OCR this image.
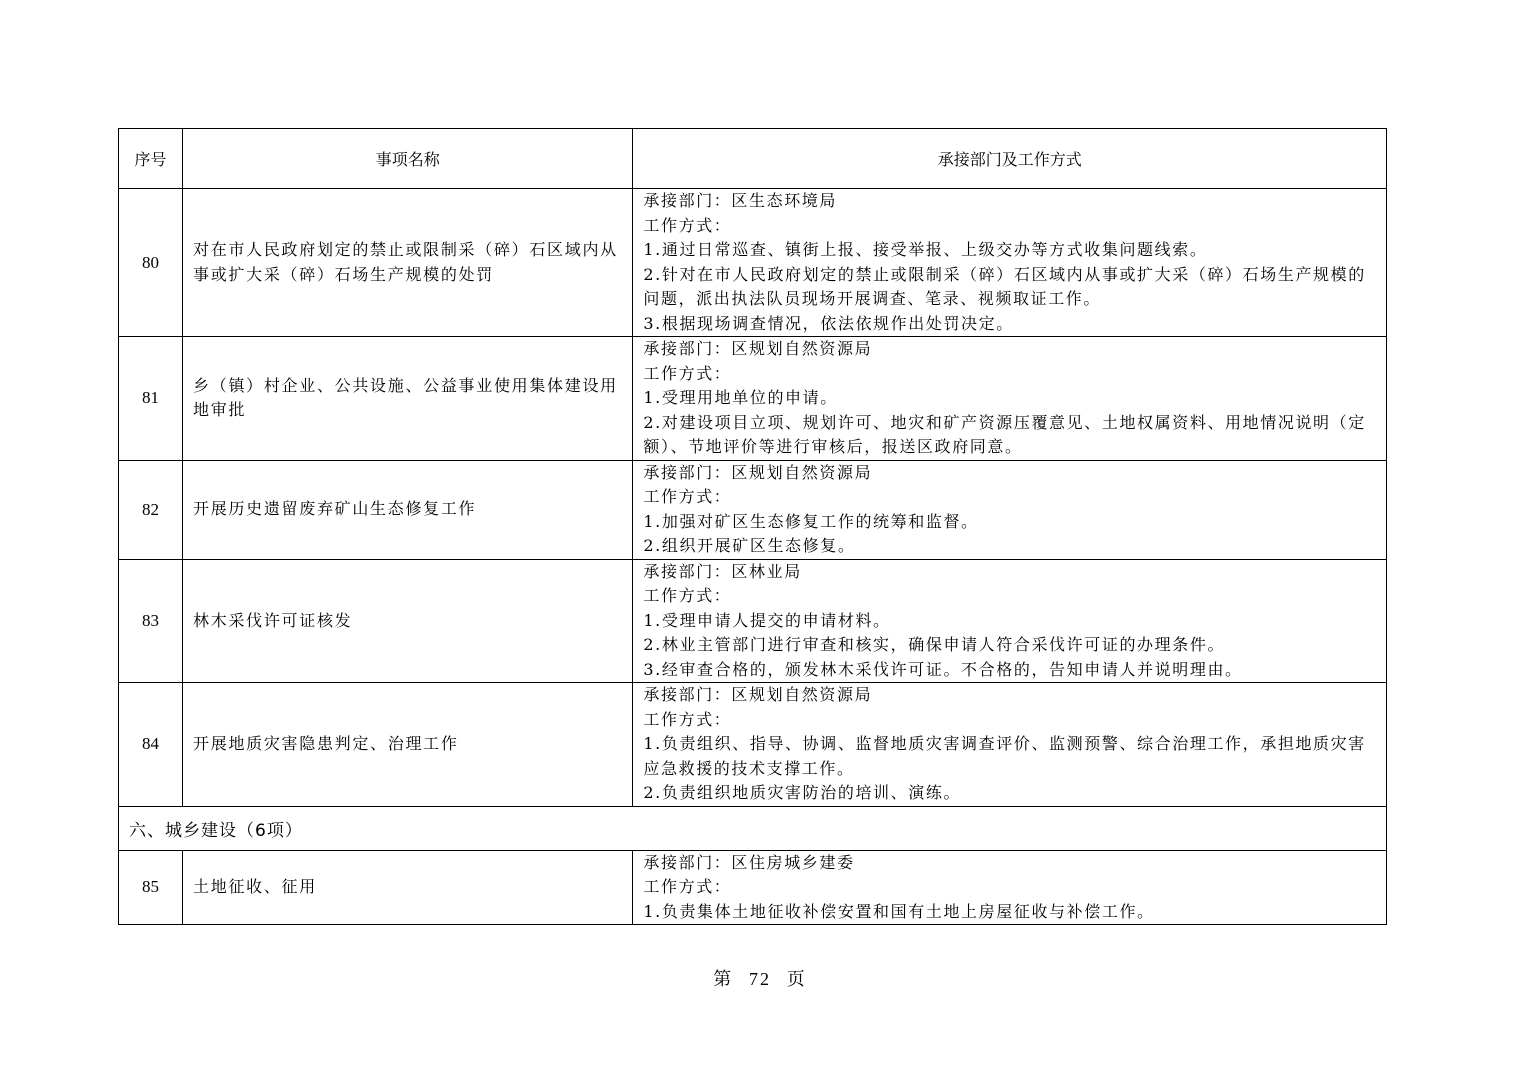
序号	事项名称	承接部门及工作方式
80	对在市人民政府划定的禁止或限制采（碎）石区域内从事或扩大采（碎）石场生产规模的处罚	承接部门：区生态环境局
工作方式：
1.通过日常巡查、镇街上报、接受举报、上级交办等方式收集问题线索。
2.针对在市人民政府划定的禁止或限制采（碎）石区域内从事或扩大采（碎）石场生产规模的问题，派出执法队员现场开展调查、笔录、视频取证工作。
3.根据现场调查情况，依法依规作出处罚决定。

81	乡（镇）村企业、公共设施、公益事业使用集体建设用地审批	承接部门：区规划自然资源局
工作方式：
1.受理用地单位的申请。
2.对建设项目立项、规划许可、地灾和矿产资源压覆意见、土地权属资料、用地情况说明（定额）、节地评价等进行审核后，报送区政府同意。

82	开展历史遗留废弃矿山生态修复工作	承接部门：区规划自然资源局
工作方式：
1.加强对矿区生态修复工作的统筹和监督。
2.组织开展矿区生态修复。

83	林木采伐许可证核发	承接部门：区林业局
工作方式：
1.受理申请人提交的申请材料。
2.林业主管部门进行审查和核实，确保申请人符合采伐许可证的办理条件。
3.经审查合格的，颁发林木采伐许可证。不合格的，告知申请人并说明理由。

84	开展地质灾害隐患判定、治理工作	承接部门：区规划自然资源局
工作方式：
1.负责组织、指导、协调、监督地质灾害调查评价、监测预警、综合治理工作，承担地质灾害应急救援的技术支撑工作。
2.负责组织地质灾害防治的培训、演练。

六、城乡建设（6项）		
85	土地征收、征用	承接部门：区住房城乡建委
工作方式：
1.负责集体土地征收补偿安置和国有土地上房屋征收与补偿工作。
第 72 页
